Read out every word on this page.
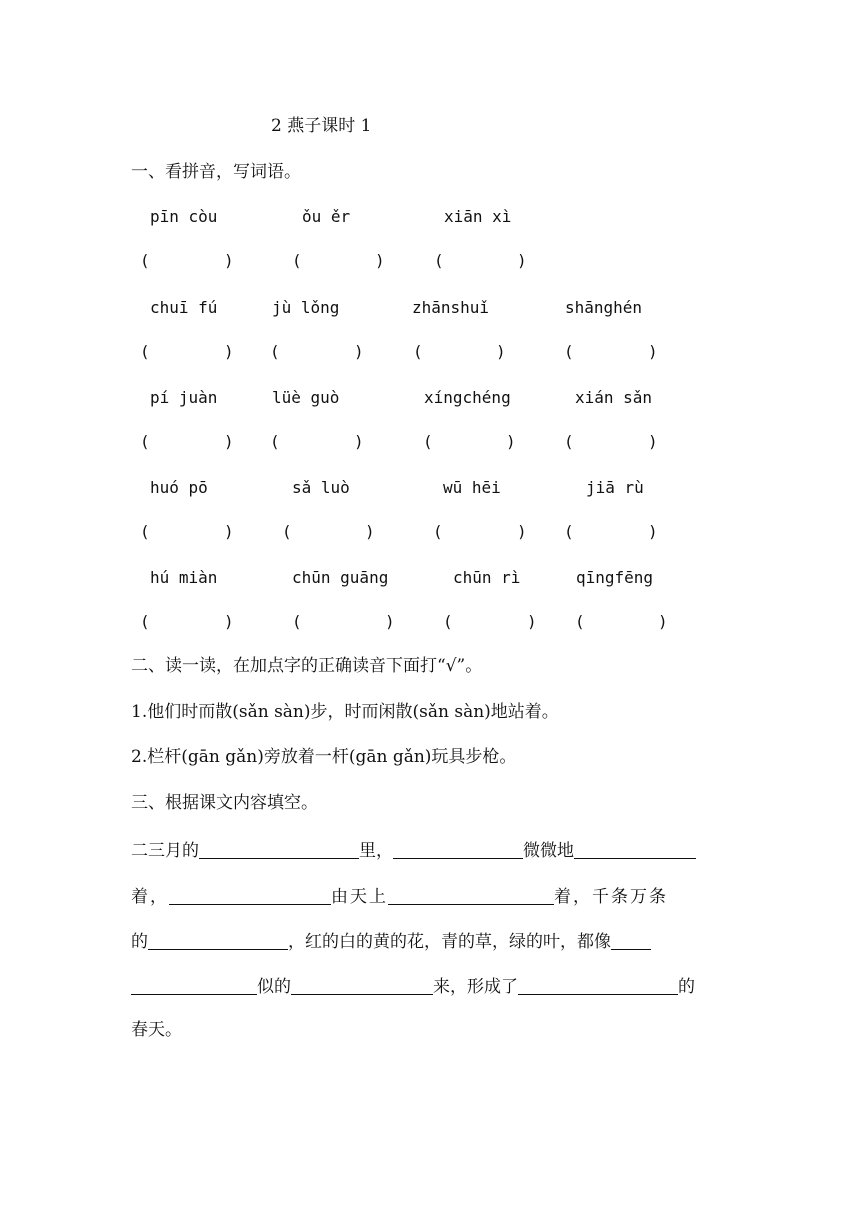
2 燕子课时 1
一、看拼音，写词语。
pīn còu	ǒu ěr	xiān xì
(	)	(	)	(	)
chuī fú	jù lǒng	zhānshuǐ	shānghén
(	) (	)	(	)	(	)
pí juàn	lüè guò	xíngchéng	xián sǎn
(	) (	)	(	)	(	)
huó pō	sǎ luò	wū hēi	jiā rù
(	)	(	)	(	) (	)
hú miàn	chūn guāng	chūn rì	qīngfēng
(	)	(	)	(	) (	)
二、读一读，在加点字的正确读音下面打“√”。
1.他们时而散(sǎn sàn)步，时而闲散(sǎn sàn)地站着。
2.栏杆(gān gǎn)旁放着一杆(gān gǎn)玩具步枪。
三、根据课文内容填空。
二三月的	里，	微微地
着，	由天上	着，千条万条
的	，红的白的黄的花，青的草，绿的叶，都像
似的	来，形成了	的
春天。
